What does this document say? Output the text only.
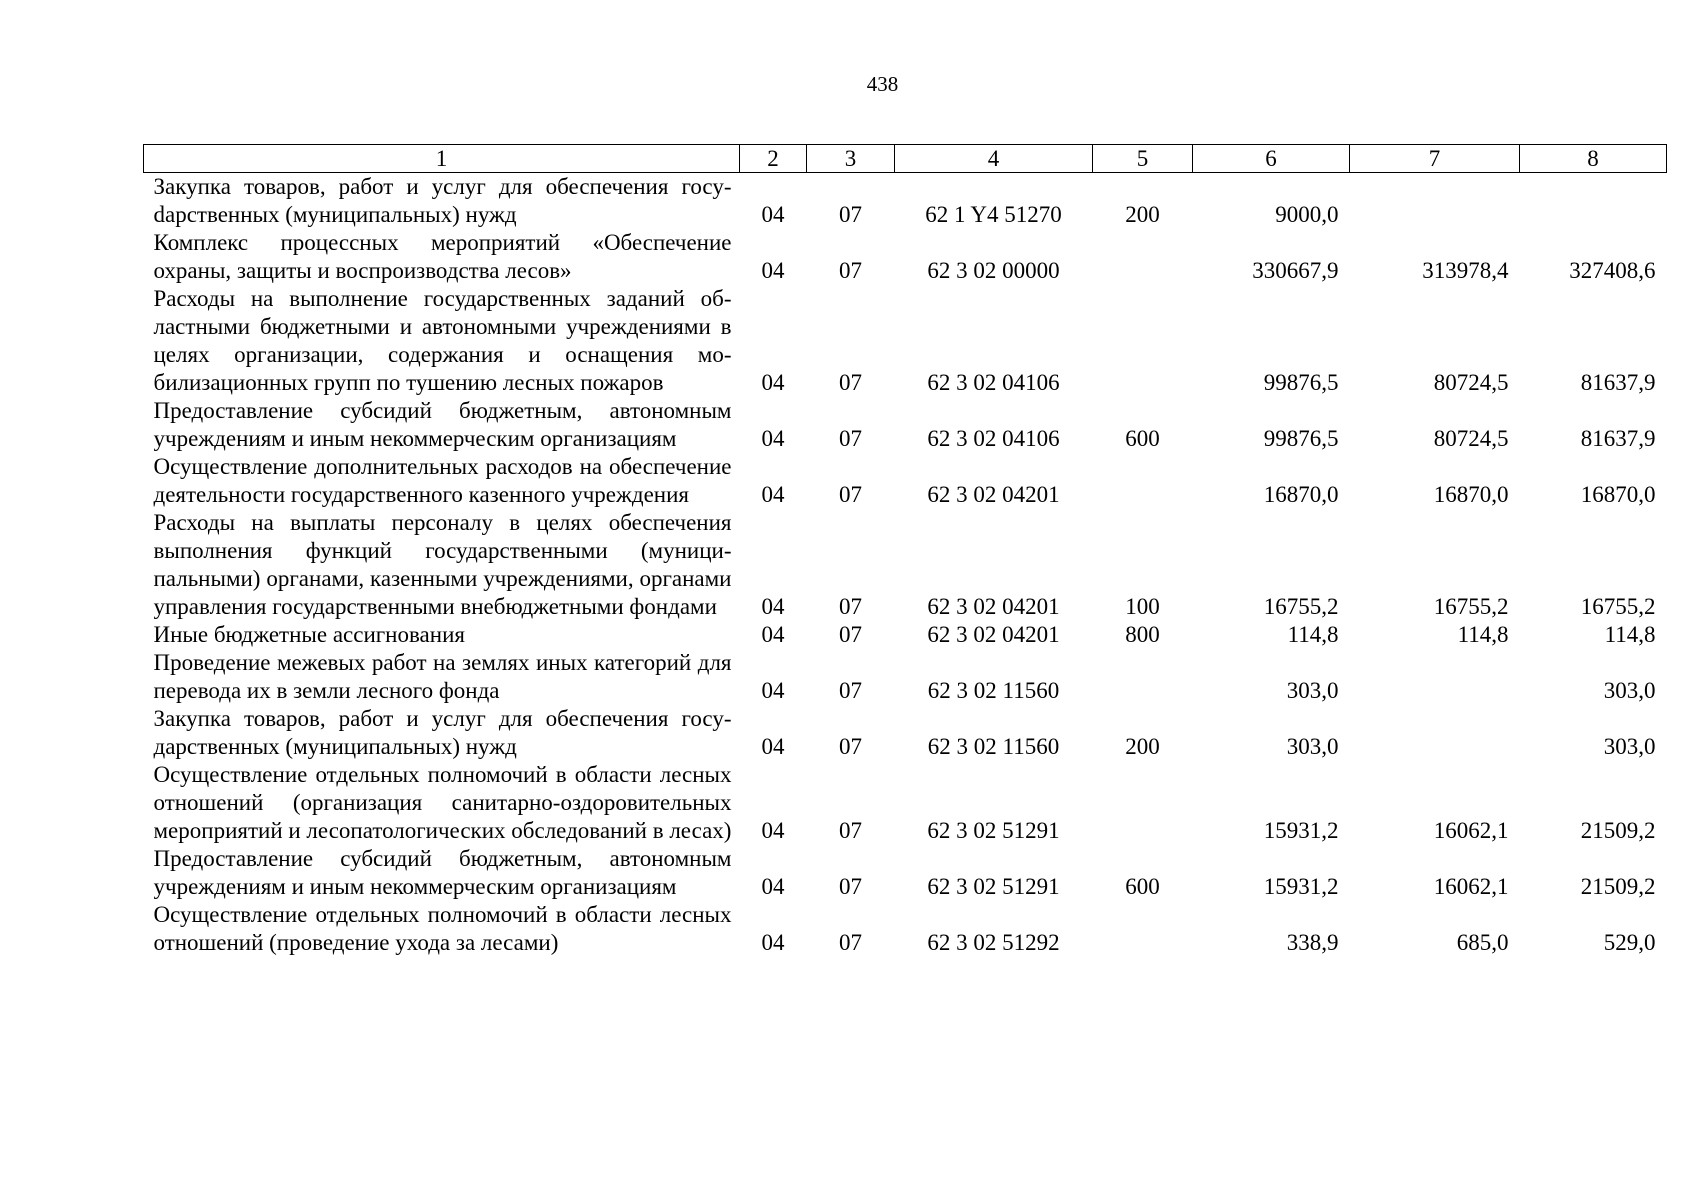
438
1	2	3	4	5	6	7	8
Закупка товаров, работ и услуг для обеспечения госуdарственных (муниципальных) нужд	04	07	62 1 Y4 51270	200	9000,0		
Комплекс процессных мероприятий «Обеспечение охраны, защиты и воспроизводства лесов»	04	07	62 3 02 00000		330667,9	313978,4	327408,6
Расходы на выполнение государственных заданий областными бюджетными и автономными учреждениями в целях организации, содержания и оснащения мобилизационных групп по тушению лесных пожаров	04	07	62 3 02 04106		99876,5	80724,5	81637,9
Предоставление субсидий бюджетным, автономным учреждениям и иным некоммерческим организациям	04	07	62 3 02 04106	600	99876,5	80724,5	81637,9
Осуществление дополнительных расходов на обеспечение деятельности государственного казенного учреждения	04	07	62 3 02 04201		16870,0	16870,0	16870,0
Расходы на выплаты персоналу в целях обеспечения выполнения функций государственными (муниципальными) органами, казенными учреждениями, органами управления государственными внебюджетными фондами	04	07	62 3 02 04201	100	16755,2	16755,2	16755,2
Иные бюджетные ассигнования	04	07	62 3 02 04201	800	114,8	114,8	114,8
Проведение межевых работ на землях иных категорий для перевода их в земли лесного фонда	04	07	62 3 02 11560		303,0		303,0
Закупка товаров, работ и услуг для обеспечения государственных (муниципальных) нужд	04	07	62 3 02 11560	200	303,0		303,0
Осуществление отдельных полномочий в области лесных отношений (организация санитарно-оздоровительных мероприятий и лесопатологических обследований в лесах)	04	07	62 3 02 51291		15931,2	16062,1	21509,2
Предоставление субсидий бюджетным, автономным учреждениям и иным некоммерческим организациям	04	07	62 3 02 51291	600	15931,2	16062,1	21509,2
Осуществление отдельных полномочий в области лесных отношений (проведение ухода за лесами)	04	07	62 3 02 51292		338,9	685,0	529,0
